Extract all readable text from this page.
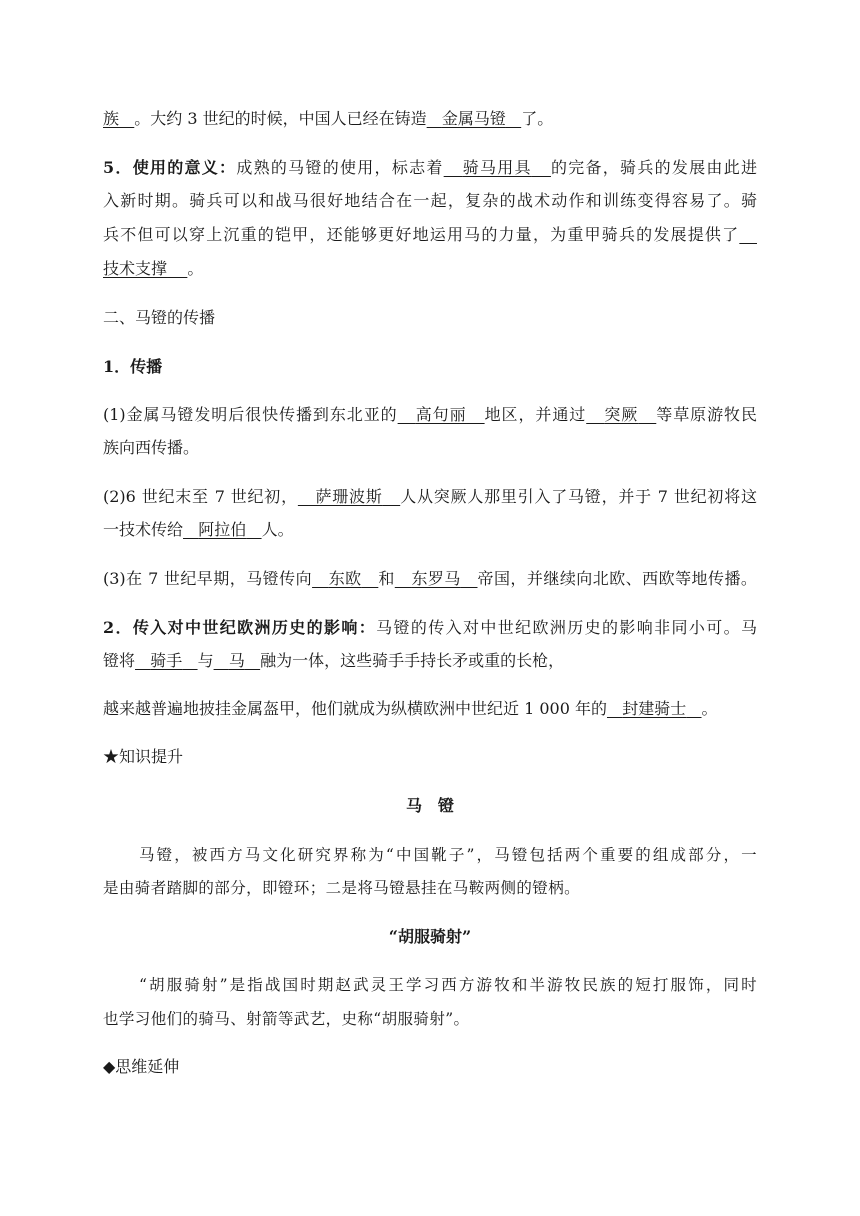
族 。大约 3 世纪的时候，中国人已经在铸造 金属马镫 了。
5．使用的意义：成熟的马镫的使用，标志着 骑马用具 的完备，骑兵的发展由此进
入新时期。骑兵可以和战马很好地结合在一起，复杂的战术动作和训练变得容易了。骑
兵不但可以穿上沉重的铠甲，还能够更好地运用马的力量，为重甲骑兵的发展提供了
技术支撑 。
二、马镫的传播
1．传播
(1)金属马镫发明后很快传播到东北亚的 高句丽 地区，并通过 突厥 等草原游牧民
族向西传播。
(2)6 世纪末至 7 世纪初， 萨珊波斯 人从突厥人那里引入了马镫，并于 7 世纪初将这
一技术传给 阿拉伯 人。
(3)在 7 世纪早期，马镫传向 东欧 和 东罗马 帝国，并继续向北欧、西欧等地传播。
2．传入对中世纪欧洲历史的影响：马镫的传入对中世纪欧洲历史的影响非同小可。马
镫将 骑手 与 马 融为一体，这些骑手手持长矛或重的长枪，
越来越普遍地披挂金属盔甲，他们就成为纵横欧洲中世纪近 1 000 年的 封建骑士 。
★知识提升
马　镫
马镫，被西方马文化研究界称为“中国靴子”，马镫包括两个重要的组成部分，一
是由骑者踏脚的部分，即镫环；二是将马镫悬挂在马鞍两侧的镫柄。
“胡服骑射”
“胡服骑射”是指战国时期赵武灵王学习西方游牧和半游牧民族的短打服饰，同时
也学习他们的骑马、射箭等武艺，史称“胡服骑射”。
◆思维延伸
